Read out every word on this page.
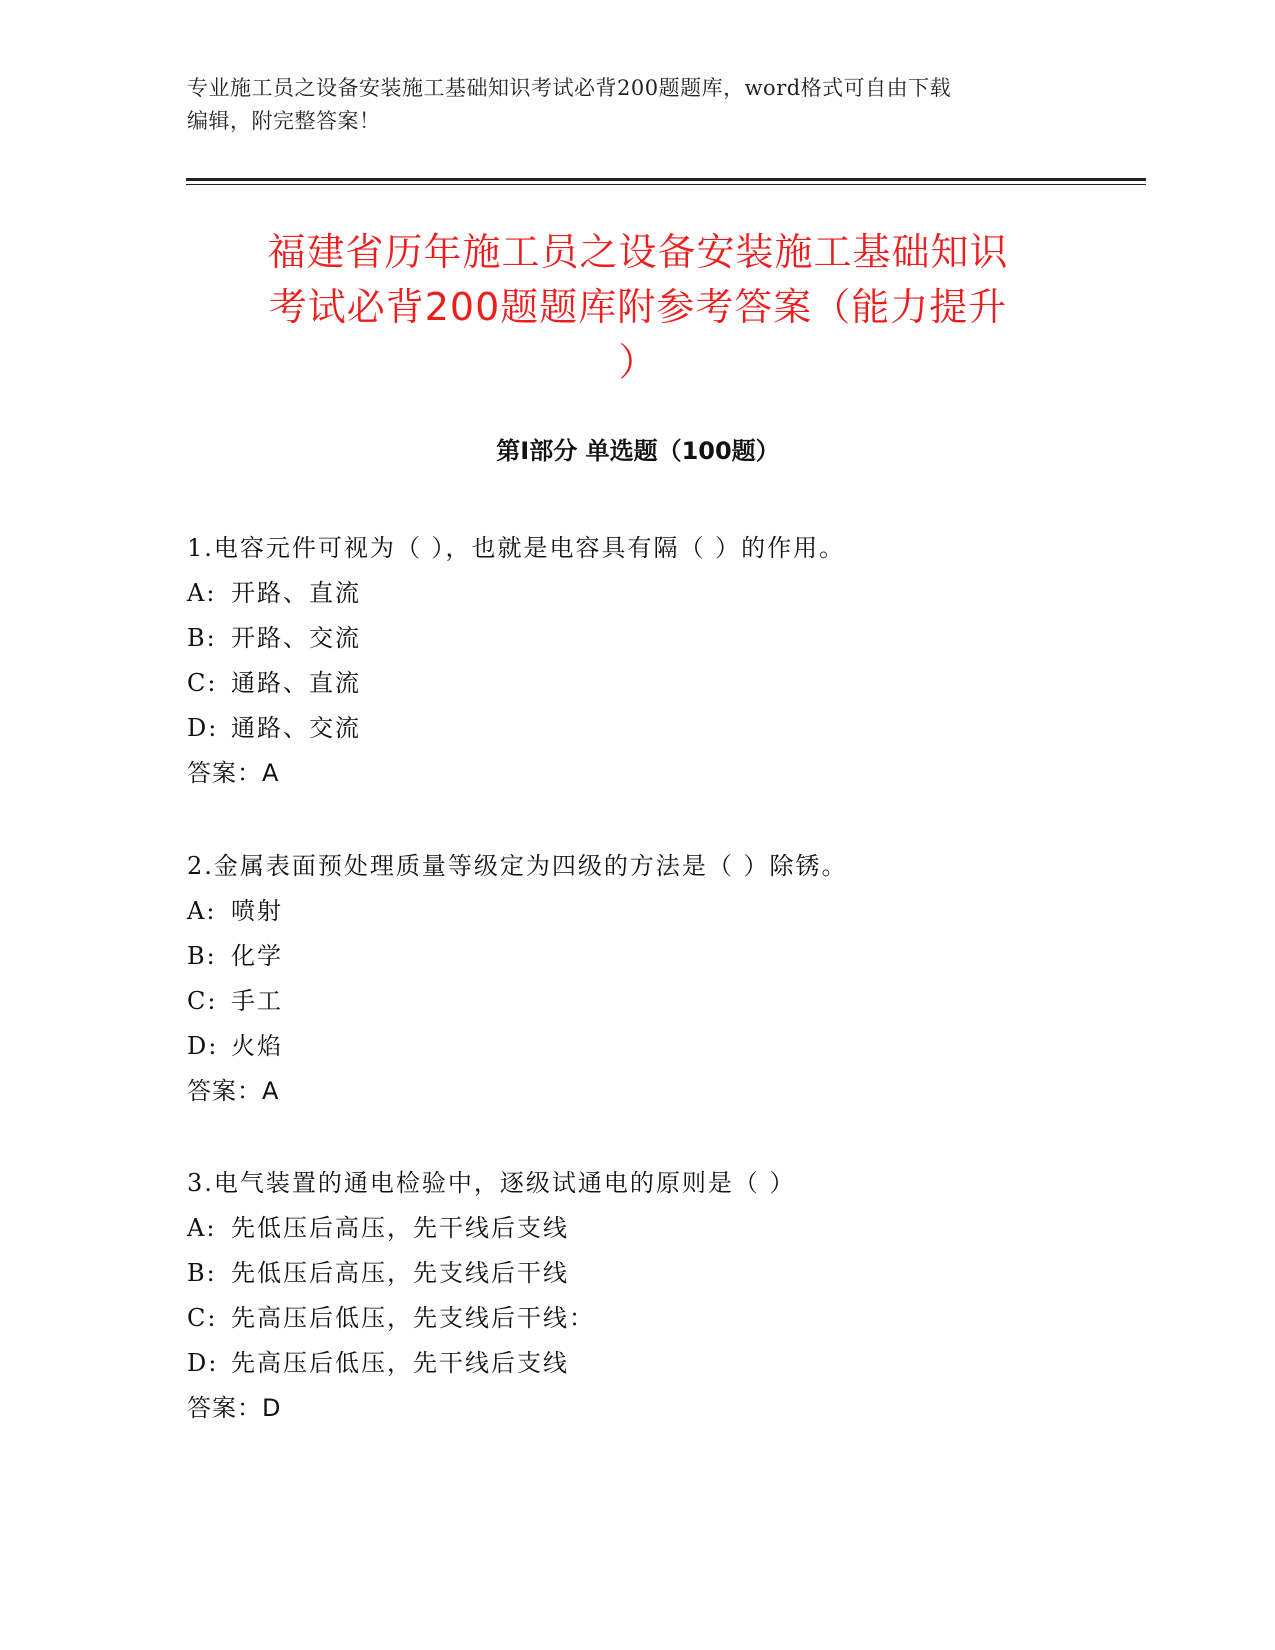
专业施工员之设备安装施工基础知识考试必背200题题库，word格式可自由下载
编辑，附完整答案！
福建省历年施工员之设备安装施工基础知识
考试必背200题题库附参考答案（能力提升
）
第Ⅰ部分 单选题（100题）
1.电容元件可视为（ ），也就是电容具有隔（ ）的作用。
A: 开路、直流
B: 开路、交流
C: 通路、直流
D: 通路、交流
答案：A
2.金属表面预处理质量等级定为四级的方法是（ ）除锈。
A: 喷射
B: 化学
C: 手工
D: 火焰
答案：A
3.电气装置的通电检验中，逐级试通电的原则是（ ）
A: 先低压后高压，先干线后支线
B: 先低压后高压，先支线后干线
C: 先高压后低压，先支线后干线：
D: 先高压后低压，先干线后支线
答案：D
